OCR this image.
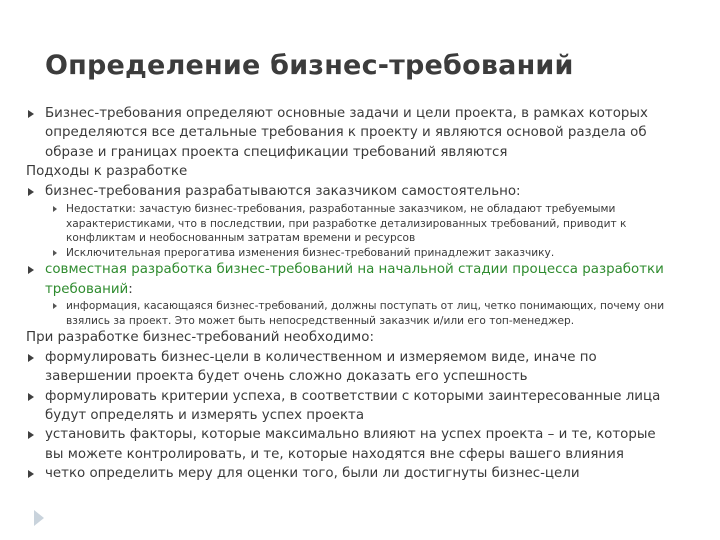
Определение бизнес-требований
Бизнес-требования определяют основные задачи и цели проекта, в рамках которых определяются все детальные требования к проекту и являются основой раздела об образе и границах проекта спецификации требований являются
Подходы к разработке
бизнес-требования разрабатываются заказчиком самостоятельно:
Недостатки: зачастую бизнес-требования, разработанные заказчиком, не обладают требуемыми характеристиками, что в последствии, при разработке детализированных требований, приводит к конфликтам и необоснованным затратам времени и ресурсов
Исключительная прерогатива изменения бизнес-требований принадлежит заказчику.
совместная разработка бизнес-требований на начальной стадии процесса разработки требований:
информация, касающаяся бизнес-требований, должны поступать от лиц, четко понимающих, почему они взялись за проект. Это может быть непосредственный заказчик и/или его топ-менеджер.
При разработке бизнес-требований необходимо:
формулировать бизнес-цели в количественном и измеряемом виде, иначе по завершении проекта будет очень сложно доказать его успешность
формулировать критерии успеха, в соответствии с которыми заинтересованные лица будут определять и измерять успех проекта
установить факторы, которые максимально влияют на успех проекта – и те, которые вы можете контролировать, и те, которые находятся вне сферы вашего влияния
четко определить меру для оценки того, были ли достигнуты бизнес-цели
